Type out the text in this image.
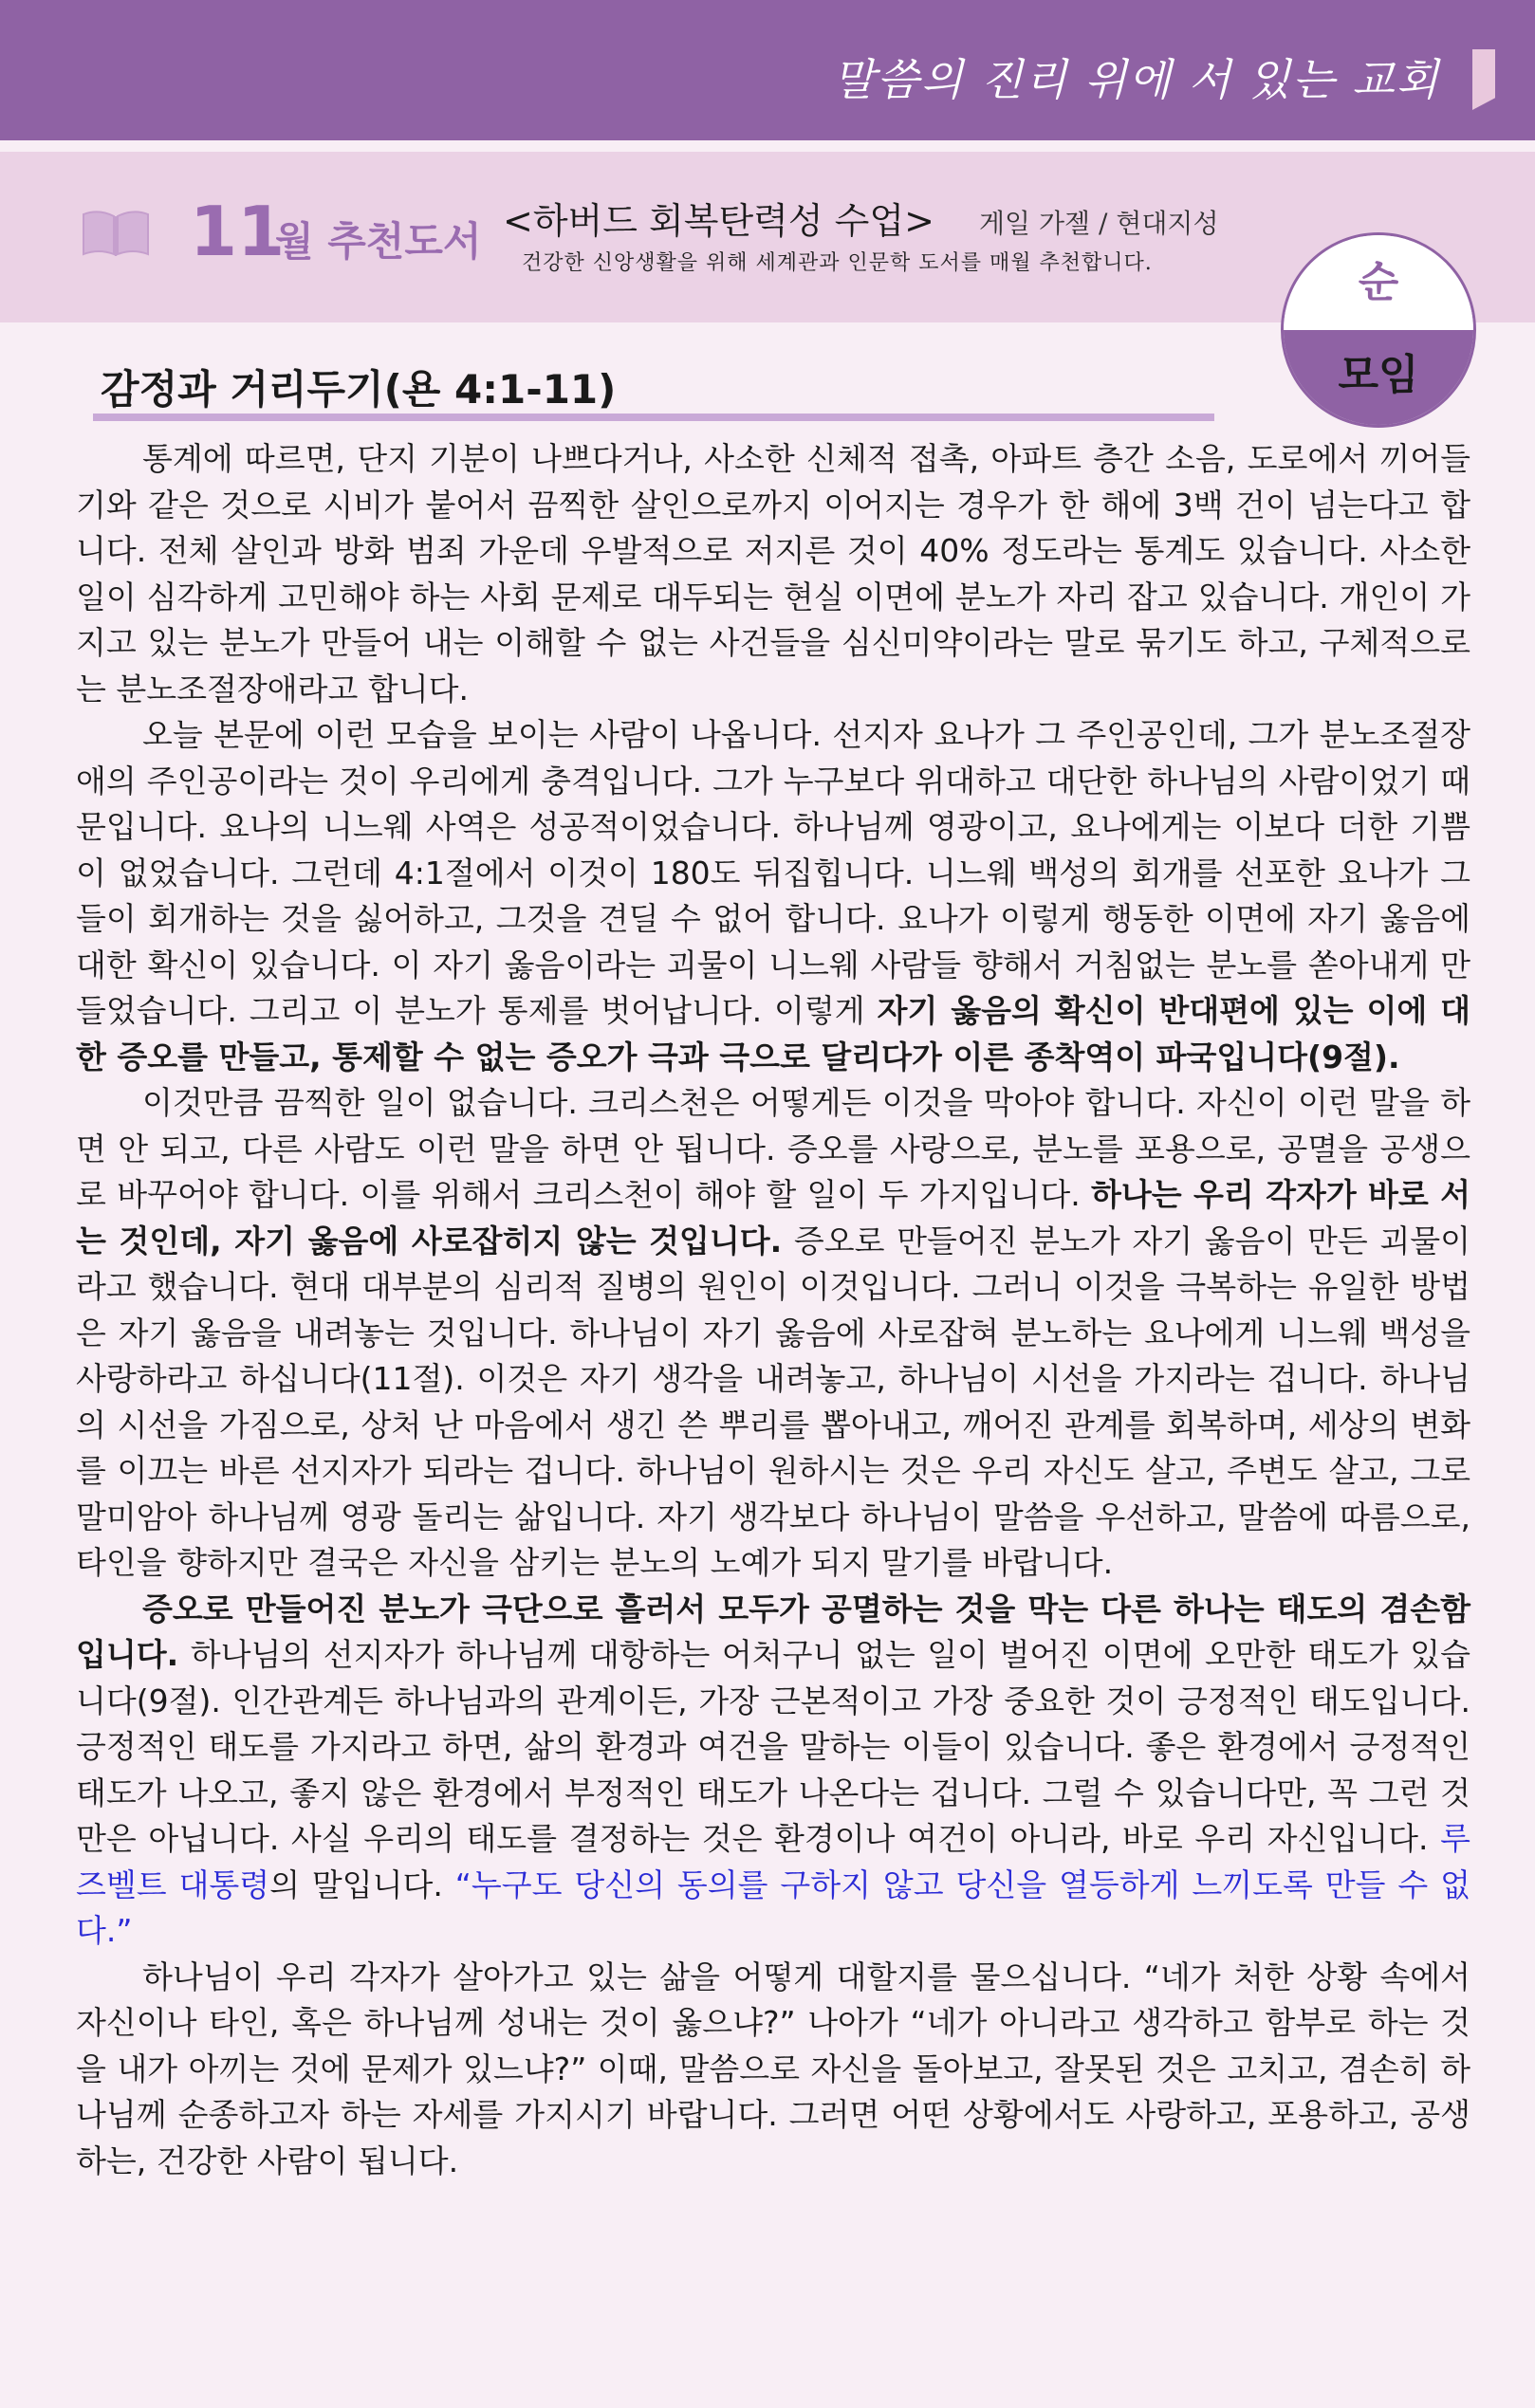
말씀의 진리 위에 서 있는 교회
11
월 추천도서 <하버드 회복탄력성 수업> 게일 가젤 / 현대지성
건강한 신앙생활을 위해 세계관과 인문학 도서를 매월 추천합니다.	순
모임
감정과 거리두기(욘 4:1-11)

통계에 따르면, 단지 기분이 나쁘다거나, 사소한 신체적 접촉, 아파트 층간 소음, 도로에서 끼어들기와 같은 것으로 시비가 붙어서 끔찍한 살인으로까지 이어지는 경우가 한 해에 3백 건이 넘는다고 합니다. 전체 살인과 방화 범죄 가운데 우발적으로 저지른 것이 40% 정도라는 통계도 있습니다. 사소한 일이 심각하게 고민해야 하는 사회 문제로 대두되는 현실 이면에 분노가 자리 잡고 있습니다. 개인이 가지고 있는 분노가 만들어 내는 이해할 수 없는 사건들을 심신미약이라는 말로 묶기도 하고, 구체적으로는 분노조절장애라고 합니다.

오늘 본문에 이런 모습을 보이는 사람이 나옵니다. 선지자 요나가 그 주인공인데, 그가 분노조절장애의 주인공이라는 것이 우리에게 충격입니다. 그가 누구보다 위대하고 대단한 하나님의 사람이었기 때문입니다. 요나의 니느웨 사역은 성공적이었습니다. 하나님께 영광이고, 요나에게는 이보다 더한 기쁨이 없었습니다. 그런데 4:1절에서 이것이 180도 뒤집힙니다. 니느웨 백성의 회개를 선포한 요나가 그들이 회개하는 것을 싫어하고, 그것을 견딜 수 없어 합니다. 요나가 이렇게 행동한 이면에 자기 옳음에 대한 확신이 있습니다. 이 자기 옳음이라는 괴물이 니느웨 사람들 향해서 거침없는 분노를 쏟아내게 만들었습니다. 그리고 이 분노가 통제를 벗어납니다. 이렇게 자기 옳음의 확신이 반대편에 있는 이에 대한 증오를 만들고, 통제할 수 없는 증오가 극과 극으로 달리다가 이른 종착역이 파국입니다(9절).

이것만큼 끔찍한 일이 없습니다. 크리스천은 어떻게든 이것을 막아야 합니다. 자신이 이런 말을 하면 안 되고, 다른 사람도 이런 말을 하면 안 됩니다. 증오를 사랑으로, 분노를 포용으로, 공멸을 공생으로 바꾸어야 합니다. 이를 위해서 크리스천이 해야 할 일이 두 가지입니다. 하나는 우리 각자가 바로 서는 것인데, 자기 옳음에 사로잡히지 않는 것입니다. 증오로 만들어진 분노가 자기 옳음이 만든 괴물이라고 했습니다. 현대 대부분의 심리적 질병의 원인이 이것입니다. 그러니 이것을 극복하는 유일한 방법은 자기 옳음을 내려놓는 것입니다. 하나님이 자기 옳음에 사로잡혀 분노하는 요나에게 니느웨 백성을 사랑하라고 하십니다(11절). 이것은 자기 생각을 내려놓고, 하나님이 시선을 가지라는 겁니다. 하나님의 시선을 가짐으로, 상처 난 마음에서 생긴 쓴 뿌리를 뽑아내고, 깨어진 관계를 회복하며, 세상의 변화를 이끄는 바른 선지자가 되라는 겁니다. 하나님이 원하시는 것은 우리 자신도 살고, 주변도 살고, 그로 말미암아 하나님께 영광 돌리는 삶입니다. 자기 생각보다 하나님이 말씀을 우선하고, 말씀에 따름으로, 타인을 향하지만 결국은 자신을 삼키는 분노의 노예가 되지 말기를 바랍니다.

증오로 만들어진 분노가 극단으로 흘러서 모두가 공멸하는 것을 막는 다른 하나는 태도의 겸손함입니다. 하나님의 선지자가 하나님께 대항하는 어처구니 없는 일이 벌어진 이면에 오만한 태도가 있습니다(9절). 인간관계든 하나님과의 관계이든, 가장 근본적이고 가장 중요한 것이 긍정적인 태도입니다. 긍정적인 태도를 가지라고 하면, 삶의 환경과 여건을 말하는 이들이 있습니다. 좋은 환경에서 긍정적인 태도가 나오고, 좋지 않은 환경에서 부정적인 태도가 나온다는 겁니다. 그럴 수 있습니다만, 꼭 그런 것만은 아닙니다. 사실 우리의 태도를 결정하는 것은 환경이나 여건이 아니라, 바로 우리 자신입니다. 루즈벨트 대통령의 말입니다. “누구도 당신의 동의를 구하지 않고 당신을 열등하게 느끼도록 만들 수 없다.”

하나님이 우리 각자가 살아가고 있는 삶을 어떻게 대할지를 물으십니다. “네가 처한 상황 속에서 자신이나 타인, 혹은 하나님께 성내는 것이 옳으냐?” 나아가 “네가 아니라고 생각하고 함부로 하는 것을 내가 아끼는 것에 문제가 있느냐?” 이때, 말씀으로 자신을 돌아보고, 잘못된 것은 고치고, 겸손히 하나님께 순종하고자 하는 자세를 가지시기 바랍니다. 그러면 어떤 상황에서도 사랑하고, 포용하고, 공생하는, 건강한 사람이 됩니다.
